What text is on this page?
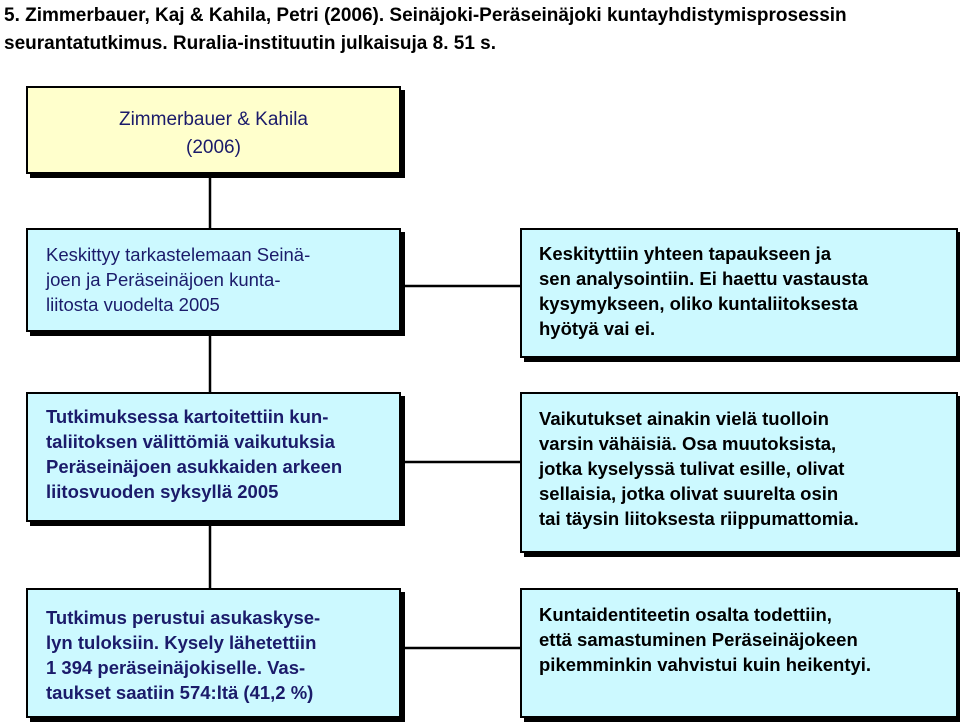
5. Zimmerbauer, Kaj & Kahila, Petri (2006). Seinäjoki-Peräseinäjoki kuntayhdistymisprosessin
seurantatutkimus. Ruralia-instituutin julkaisuja 8. 51 s.
Zimmerbauer & Kahila
(2006)
Keskittyy tarkastelemaan Seinä-
joen ja Peräseinäjoen kunta-
liitosta vuodelta 2005
Keskityttiin yhteen tapaukseen ja
sen analysointiin. Ei haettu vastausta
kysymykseen, oliko kuntaliitoksesta
hyötyä vai ei.
Tutkimuksessa kartoitettiin kun-
taliitoksen välittömiä vaikutuksia
Peräseinäjoen asukkaiden arkeen
liitosvuoden syksyllä 2005
Vaikutukset ainakin vielä tuolloin
varsin vähäisiä. Osa muutoksista,
jotka kyselyssä tulivat esille, olivat
sellaisia, jotka olivat suurelta osin
tai täysin liitoksesta riippumattomia.
Tutkimus perustui asukaskyse-
lyn tuloksiin. Kysely lähetettiin
1 394 peräseinäjokiselle. Vas-
taukset saatiin 574:ltä (41,2 %)
Kuntaidentiteetin osalta todettiin,
että samastuminen Peräseinäjokeen
pikemminkin vahvistui kuin heikentyi.
